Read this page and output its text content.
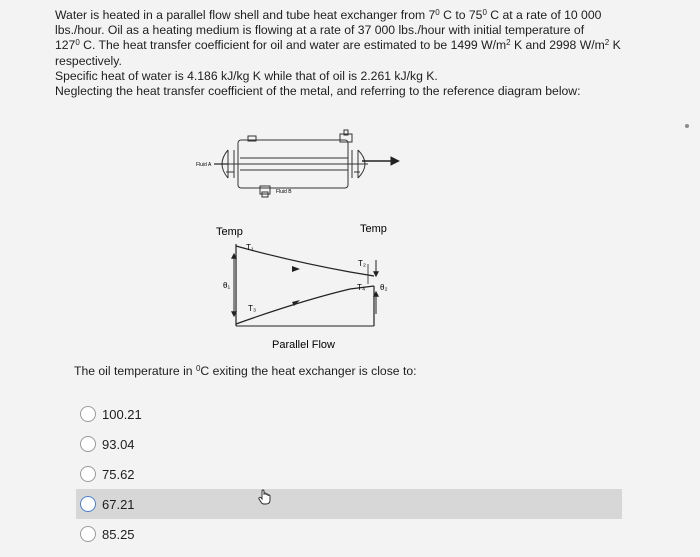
Water is heated in a parallel flow shell and tube heat exchanger from $7^0$ C to $75^0$ C at a rate of 10 000

lbs./hour. Oil as a heating medium is flowing at a rate of 37 000 lbs./hour with initial temperature of

$127^0$ C. The heat transfer coefficient for oil and water are estimated to be 1499 $W/m^2$ K and 2998 $W/m^2$ K

respectively.

Specific heat of water is 4.186 kJ/kg K while that of oil is 2.261 kJ/kg K.

Neglecting the heat transfer coefficient of the metal, and referring to the reference diagram below:

Fluid A
Fluid B
Temp	Temp
T₁
T₂
T₃
T₄
θ₁	θ₂
Parallel Flow
The oil temperature in $^0$C exiting the heat exchanger is close to:
100.21
93.04
75.62
67.21
85.25
